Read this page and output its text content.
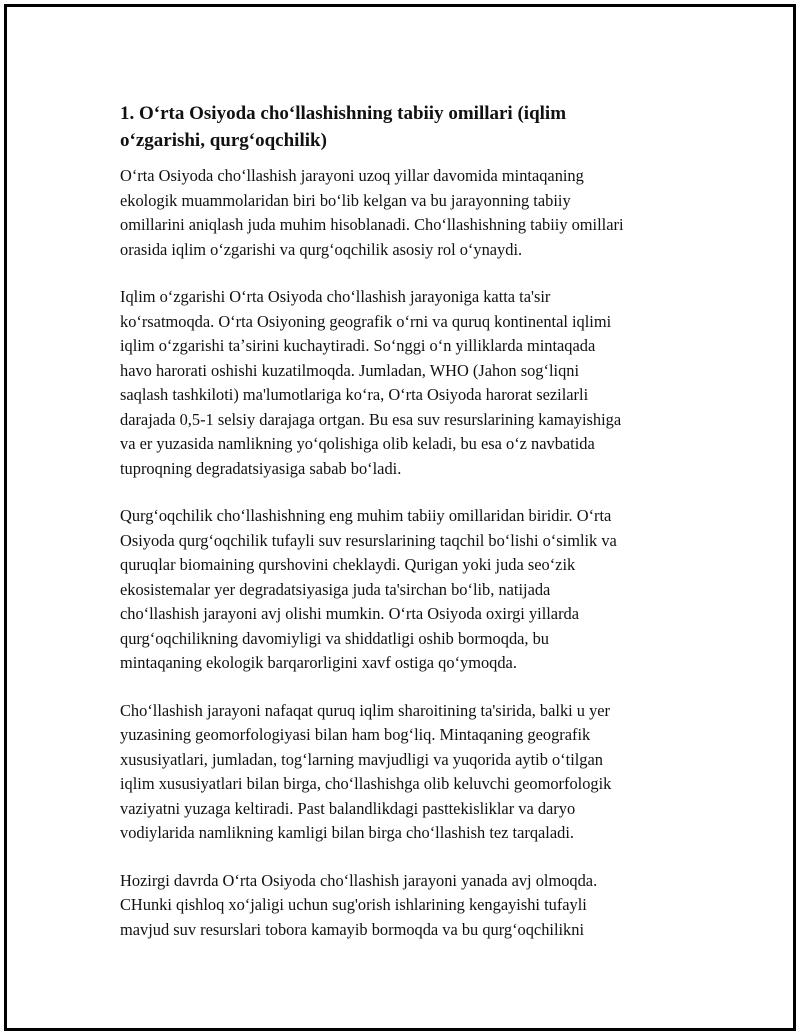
1. Oʻrta Osiyoda choʻllashishning tabiiy omillari (iqlim
oʻzgarishi, qurgʻoqchilik)

Oʻrta Osiyoda choʻllashish jarayoni uzoq yillar davomida mintaqaning
ekologik muammolaridan biri boʻlib kelgan va bu jarayonning tabiiy
omillarini aniqlash juda muhim hisoblanadi. Choʻllashishning tabiiy omillari
orasida iqlim oʻzgarishi va qurgʻoqchilik asosiy rol oʻynaydi.

Iqlim oʻzgarishi Oʻrta Osiyoda choʻllashish jarayoniga katta ta'sir
koʻrsatmoqda. Oʻrta Osiyoning geografik oʻrni va quruq kontinental iqlimi
iqlim oʻzgarishi taʼsirini kuchaytiradi. Soʻnggi oʻn yilliklarda mintaqada
havo harorati oshishi kuzatilmoqda. Jumladan, WHO (Jahon sogʻliqni
saqlash tashkiloti) ma'lumotlariga koʻra, Oʻrta Osiyoda harorat sezilarli
darajada 0,5-1 selsiy darajaga ortgan. Bu esa suv resurslarining kamayishiga
va er yuzasida namlikning yoʻqolishiga olib keladi, bu esa oʻz navbatida
tuproqning degradatsiyasiga sabab boʻladi.

Qurgʻoqchilik choʻllashishning eng muhim tabiiy omillaridan biridir. Oʻrta
Osiyoda qurgʻoqchilik tufayli suv resurslarining taqchil boʻlishi oʻsimlik va
quruqlar biomaining qurshovini cheklaydi. Qurigan yoki juda seoʻzik
ekosistemalar yer degradatsiyasiga juda ta'sirchan boʻlib, natijada
choʻllashish jarayoni avj olishi mumkin. Oʻrta Osiyoda oxirgi yillarda
qurgʻoqchilikning davomiyligi va shiddatligi oshib bormoqda, bu
mintaqaning ekologik barqarorligini xavf ostiga qoʻymoqda.

Choʻllashish jarayoni nafaqat quruq iqlim sharoitining ta'sirida, balki u yer
yuzasining geomorfologiyasi bilan ham bogʻliq. Mintaqaning geografik
xususiyatlari, jumladan, togʻlarning mavjudligi va yuqorida aytib oʻtilgan
iqlim xususiyatlari bilan birga, choʻllashishga olib keluvchi geomorfologik
vaziyatni yuzaga keltiradi. Past balandlikdagi pasttekisliklar va daryo
vodiylarida namlikning kamligi bilan birga choʻllashish tez tarqaladi.

Hozirgi davrda Oʻrta Osiyoda choʻllashish jarayoni yanada avj olmoqda.
CHunki qishloq xoʻjaligi uchun sug'orish ishlarining kengayishi tufayli
mavjud suv resurslari tobora kamayib bormoqda va bu qurgʻoqchilikni
